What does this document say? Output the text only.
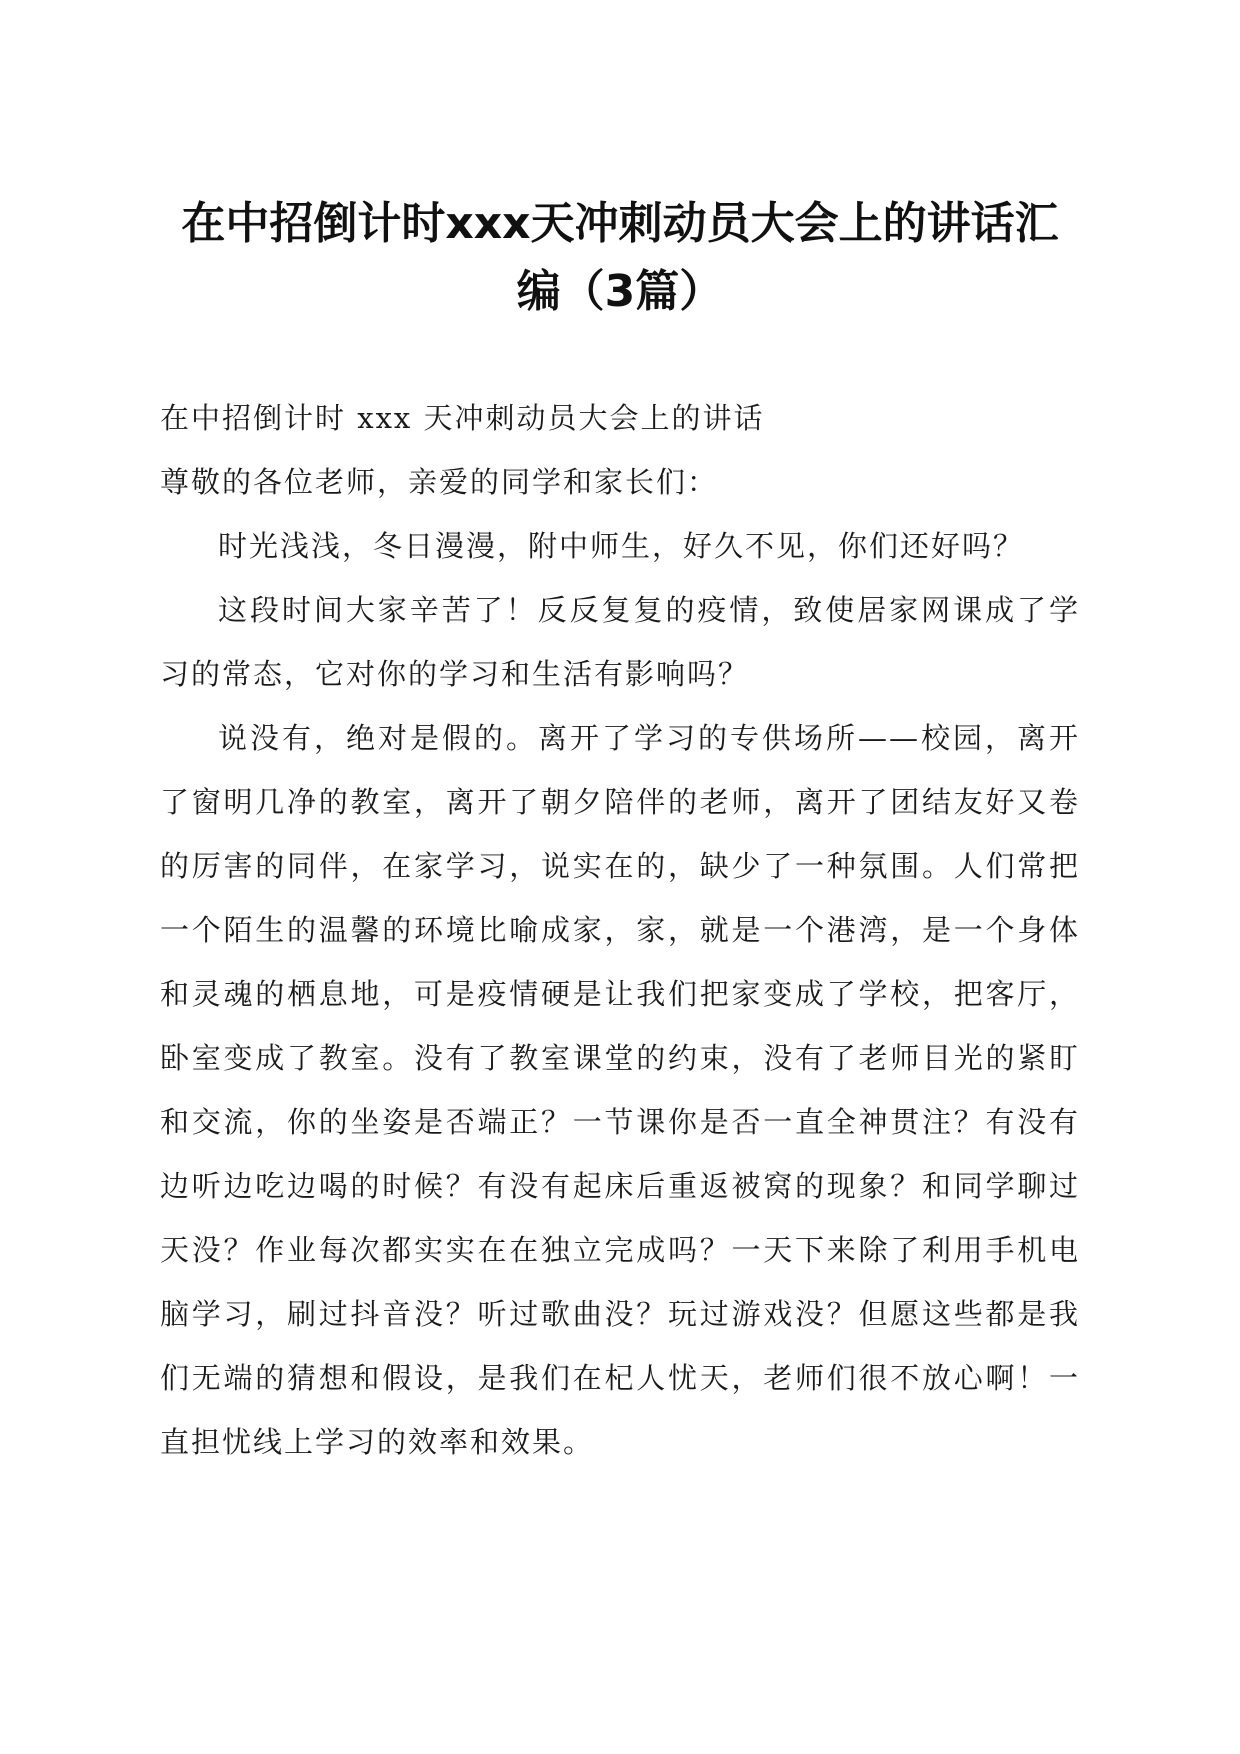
在中招倒计时xxx天冲刺动员大会上的讲话汇
编（3篇）

在中招倒计时 xxx 天冲刺动员大会上的讲话

尊敬的各位老师，亲爱的同学和家长们：

时光浅浅，冬日漫漫，附中师生，好久不见，你们还好吗？

这段时间大家辛苦了！反反复复的疫情，致使居家网课成了学习的常态，它对你的学习和生活有影响吗？

说没有，绝对是假的。离开了学习的专供场所——校园，离开了窗明几净的教室，离开了朝夕陪伴的老师，离开了团结友好又卷的厉害的同伴，在家学习，说实在的，缺少了一种氛围。人们常把一个陌生的温馨的环境比喻成家，家，就是一个港湾，是一个身体和灵魂的栖息地，可是疫情硬是让我们把家变成了学校，把客厅，卧室变成了教室。没有了教室课堂的约束，没有了老师目光的紧盯和交流，你的坐姿是否端正？一节课你是否一直全神贯注？有没有边听边吃边喝的时候？有没有起床后重返被窝的现象？和同学聊过天没？作业每次都实实在在独立完成吗？一天下来除了利用手机电脑学习，刷过抖音没？听过歌曲没？玩过游戏没？但愿这些都是我们无端的猜想和假设，是我们在杞人忧天，老师们很不放心啊！一直担忧线上学习的效率和效果。
